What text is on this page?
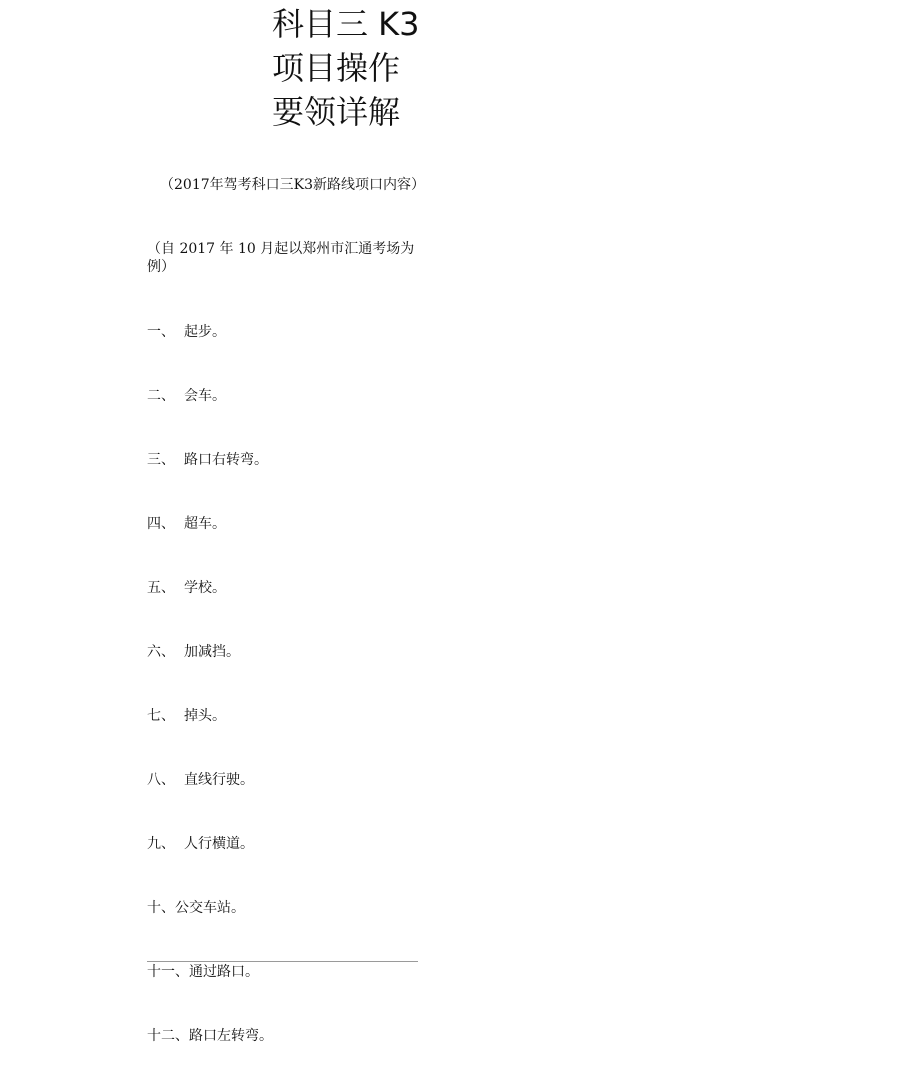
科目三 K3
项目操作
要领详解
（2017年驾考科口三K3新路线项口内容）
（自 2017 年 10 月起以郑州市汇通考场为例）
一、 起步。
二、 会车。
三、 路口右转弯。
四、 超车。
五、 学校。
六、 加减挡。
七、 掉头。
八、 直线行驶。
九、 人行横道。
十、公交车站。
十一、通过路口。
十二、路口左转弯。
